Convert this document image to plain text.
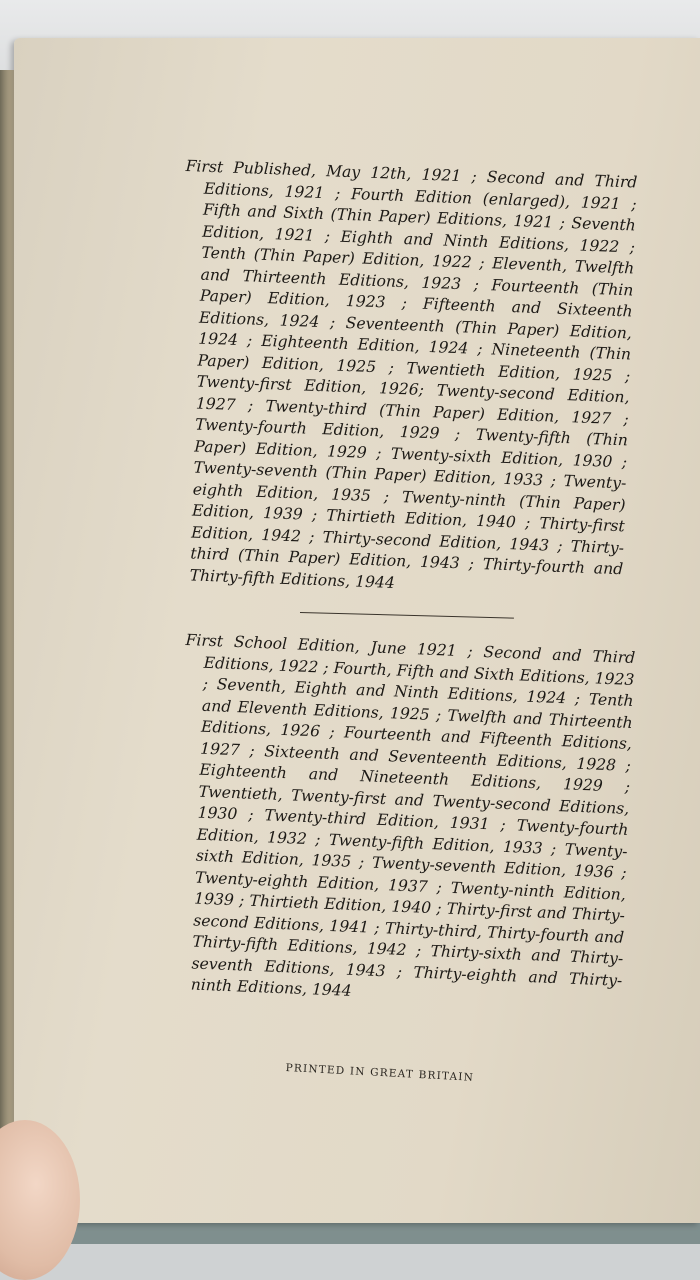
First Published, May 12th, 1921 ; Second and Third Editions, 1921 ; Fourth Edition (enlarged), 1921 ; Fifth and Sixth (Thin Paper) Editions, 1921 ; Seventh Edition, 1921 ; Eighth and Ninth Editions, 1922 ; Tenth (Thin Paper) Edition, 1922 ; Eleventh, Twelfth and Thirteenth Editions, 1923 ; Fourteenth (Thin Paper) Edition, 1923 ; Fifteenth and Sixteenth Editions, 1924 ; Seventeenth (Thin Paper) Edition, 1924 ; Eighteenth Edition, 1924 ; Nineteenth (Thin Paper) Edition, 1925 ; Twentieth Edition, 1925 ; Twenty-first Edition, 1926; Twenty-second Edition, 1927 ; Twenty-third (Thin Paper) Edition, 1927 ; Twenty-fourth Edition, 1929 ; Twenty-fifth (Thin Paper) Edition, 1929 ; Twenty-sixth Edition, 1930 ; Twenty-seventh (Thin Paper) Edition, 1933 ; Twenty-eighth Edition, 1935 ; Twenty-ninth (Thin Paper) Edition, 1939 ; Thirtieth Edition, 1940 ; Thirty-first Edition, 1942 ; Thirty-second Edition, 1943 ; Thirty-third (Thin Paper) Edition, 1943 ; Thirty-fourth and Thirty-fifth Editions, 1944

First School Edition, June 1921 ; Second and Third Editions, 1922 ; Fourth, Fifth and Sixth Editions, 1923 ; Seventh, Eighth and Ninth Editions, 1924 ; Tenth and Eleventh Editions, 1925 ; Twelfth and Thirteenth Editions, 1926 ; Fourteenth and Fifteenth Editions, 1927 ; Sixteenth and Seventeenth Editions, 1928 ; Eighteenth and Nineteenth Editions, 1929 ; Twentieth, Twenty-first and Twenty-second Editions, 1930 ; Twenty-third Edition, 1931 ; Twenty-fourth Edition, 1932 ; Twenty-fifth Edition, 1933 ; Twenty-sixth Edition, 1935 ; Twenty-seventh Edition, 1936 ; Twenty-eighth Edition, 1937 ; Twenty-ninth Edition, 1939 ; Thirtieth Edition, 1940 ; Thirty-first and Thirty-second Editions, 1941 ; Thirty-third, Thirty-fourth and Thirty-fifth Editions, 1942 ; Thirty-sixth and Thirty-seventh Editions, 1943 ; Thirty-eighth and Thirty-ninth Editions, 1944

PRINTED IN GREAT BRITAIN
